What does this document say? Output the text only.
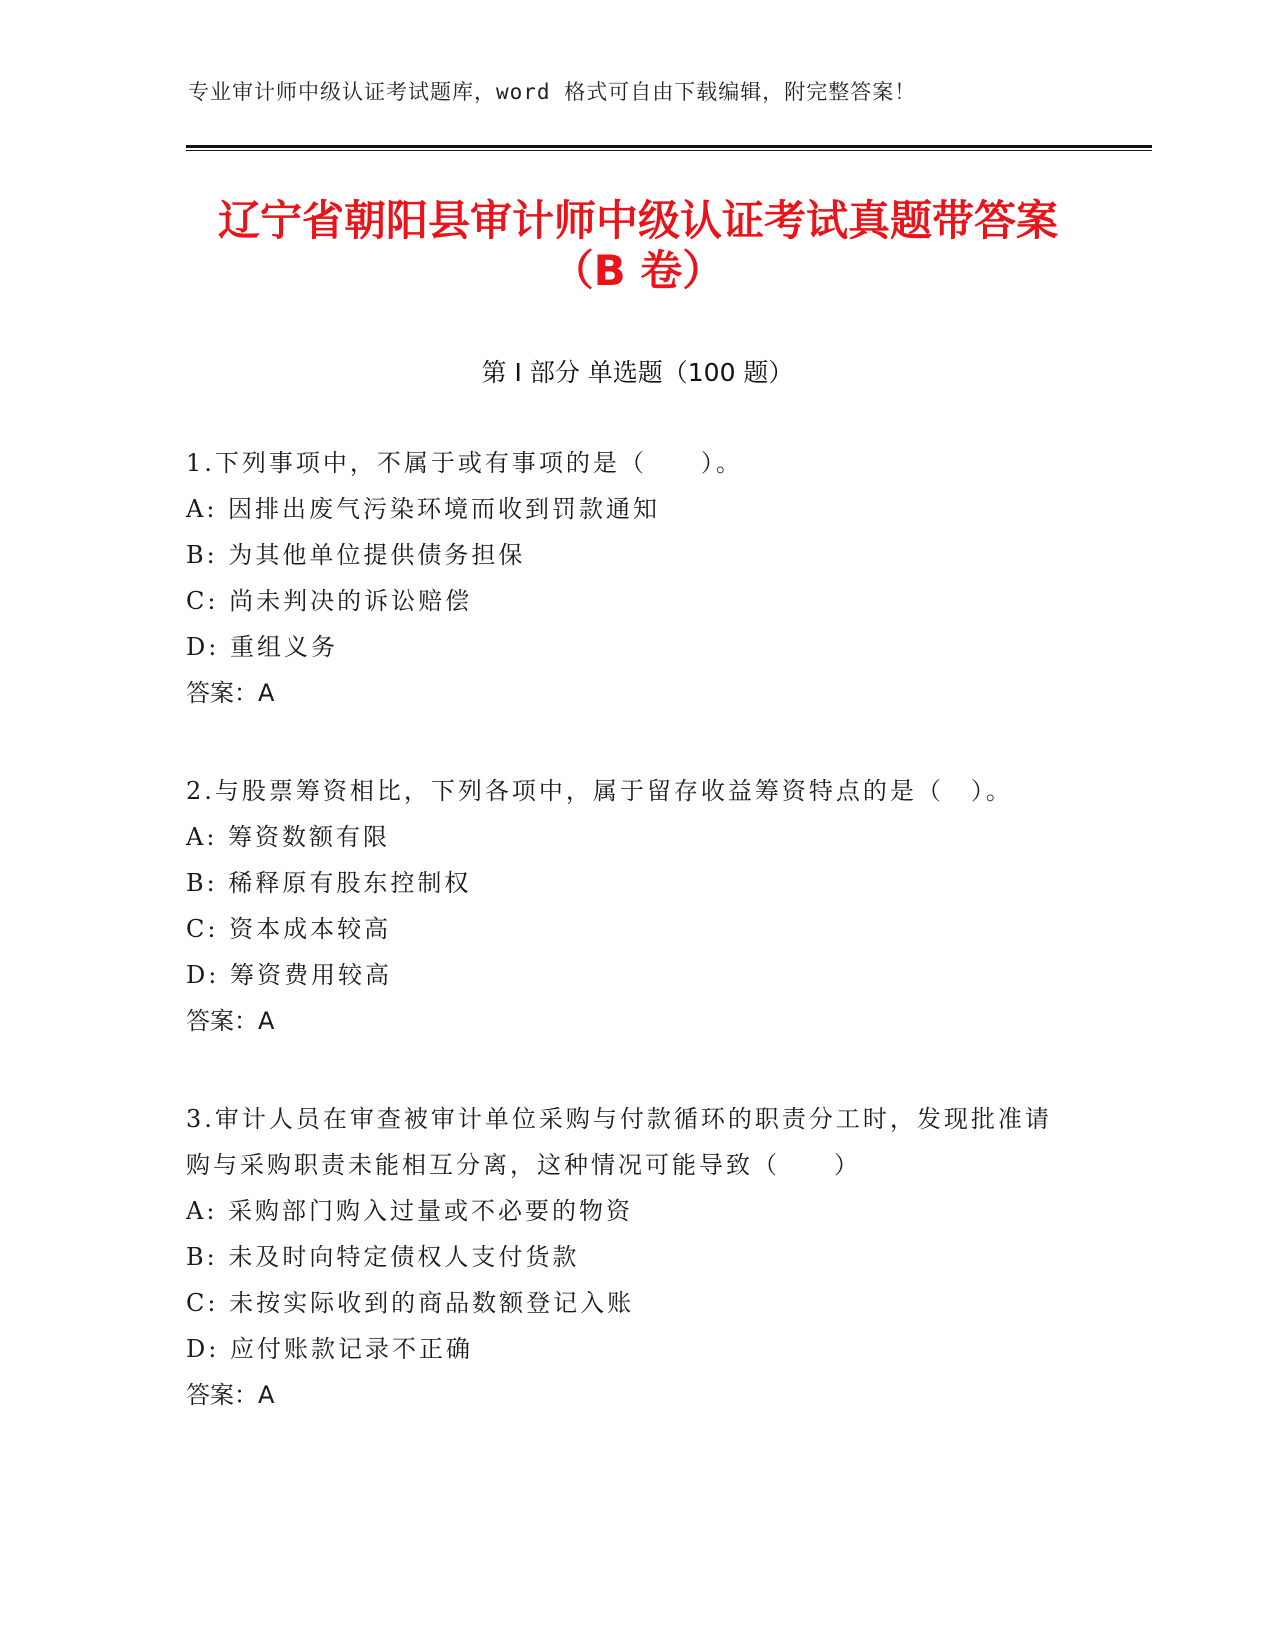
专业审计师中级认证考试题库，word 格式可自由下载编辑，附完整答案！
辽宁省朝阳县审计师中级认证考试真题带答案（B 卷）
第 I 部分 单选题（100 题）

1.下列事项中，不属于或有事项的是（　　）。

A: 因排出废气污染环境而收到罚款通知

B: 为其他单位提供债务担保

C: 尚未判决的诉讼赔偿

D: 重组义务

答案：A

2.与股票筹资相比，下列各项中，属于留存收益筹资特点的是（　）。

A: 筹资数额有限

B: 稀释原有股东控制权

C: 资本成本较高

D: 筹资费用较高

答案：A

3.审计人员在审查被审计单位采购与付款循环的职责分工时，发现批准请购与采购职责未能相互分离，这种情况可能导致（　　）

A: 采购部门购入过量或不必要的物资

B: 未及时向特定债权人支付货款

C: 未按实际收到的商品数额登记入账

D: 应付账款记录不正确

答案：A
